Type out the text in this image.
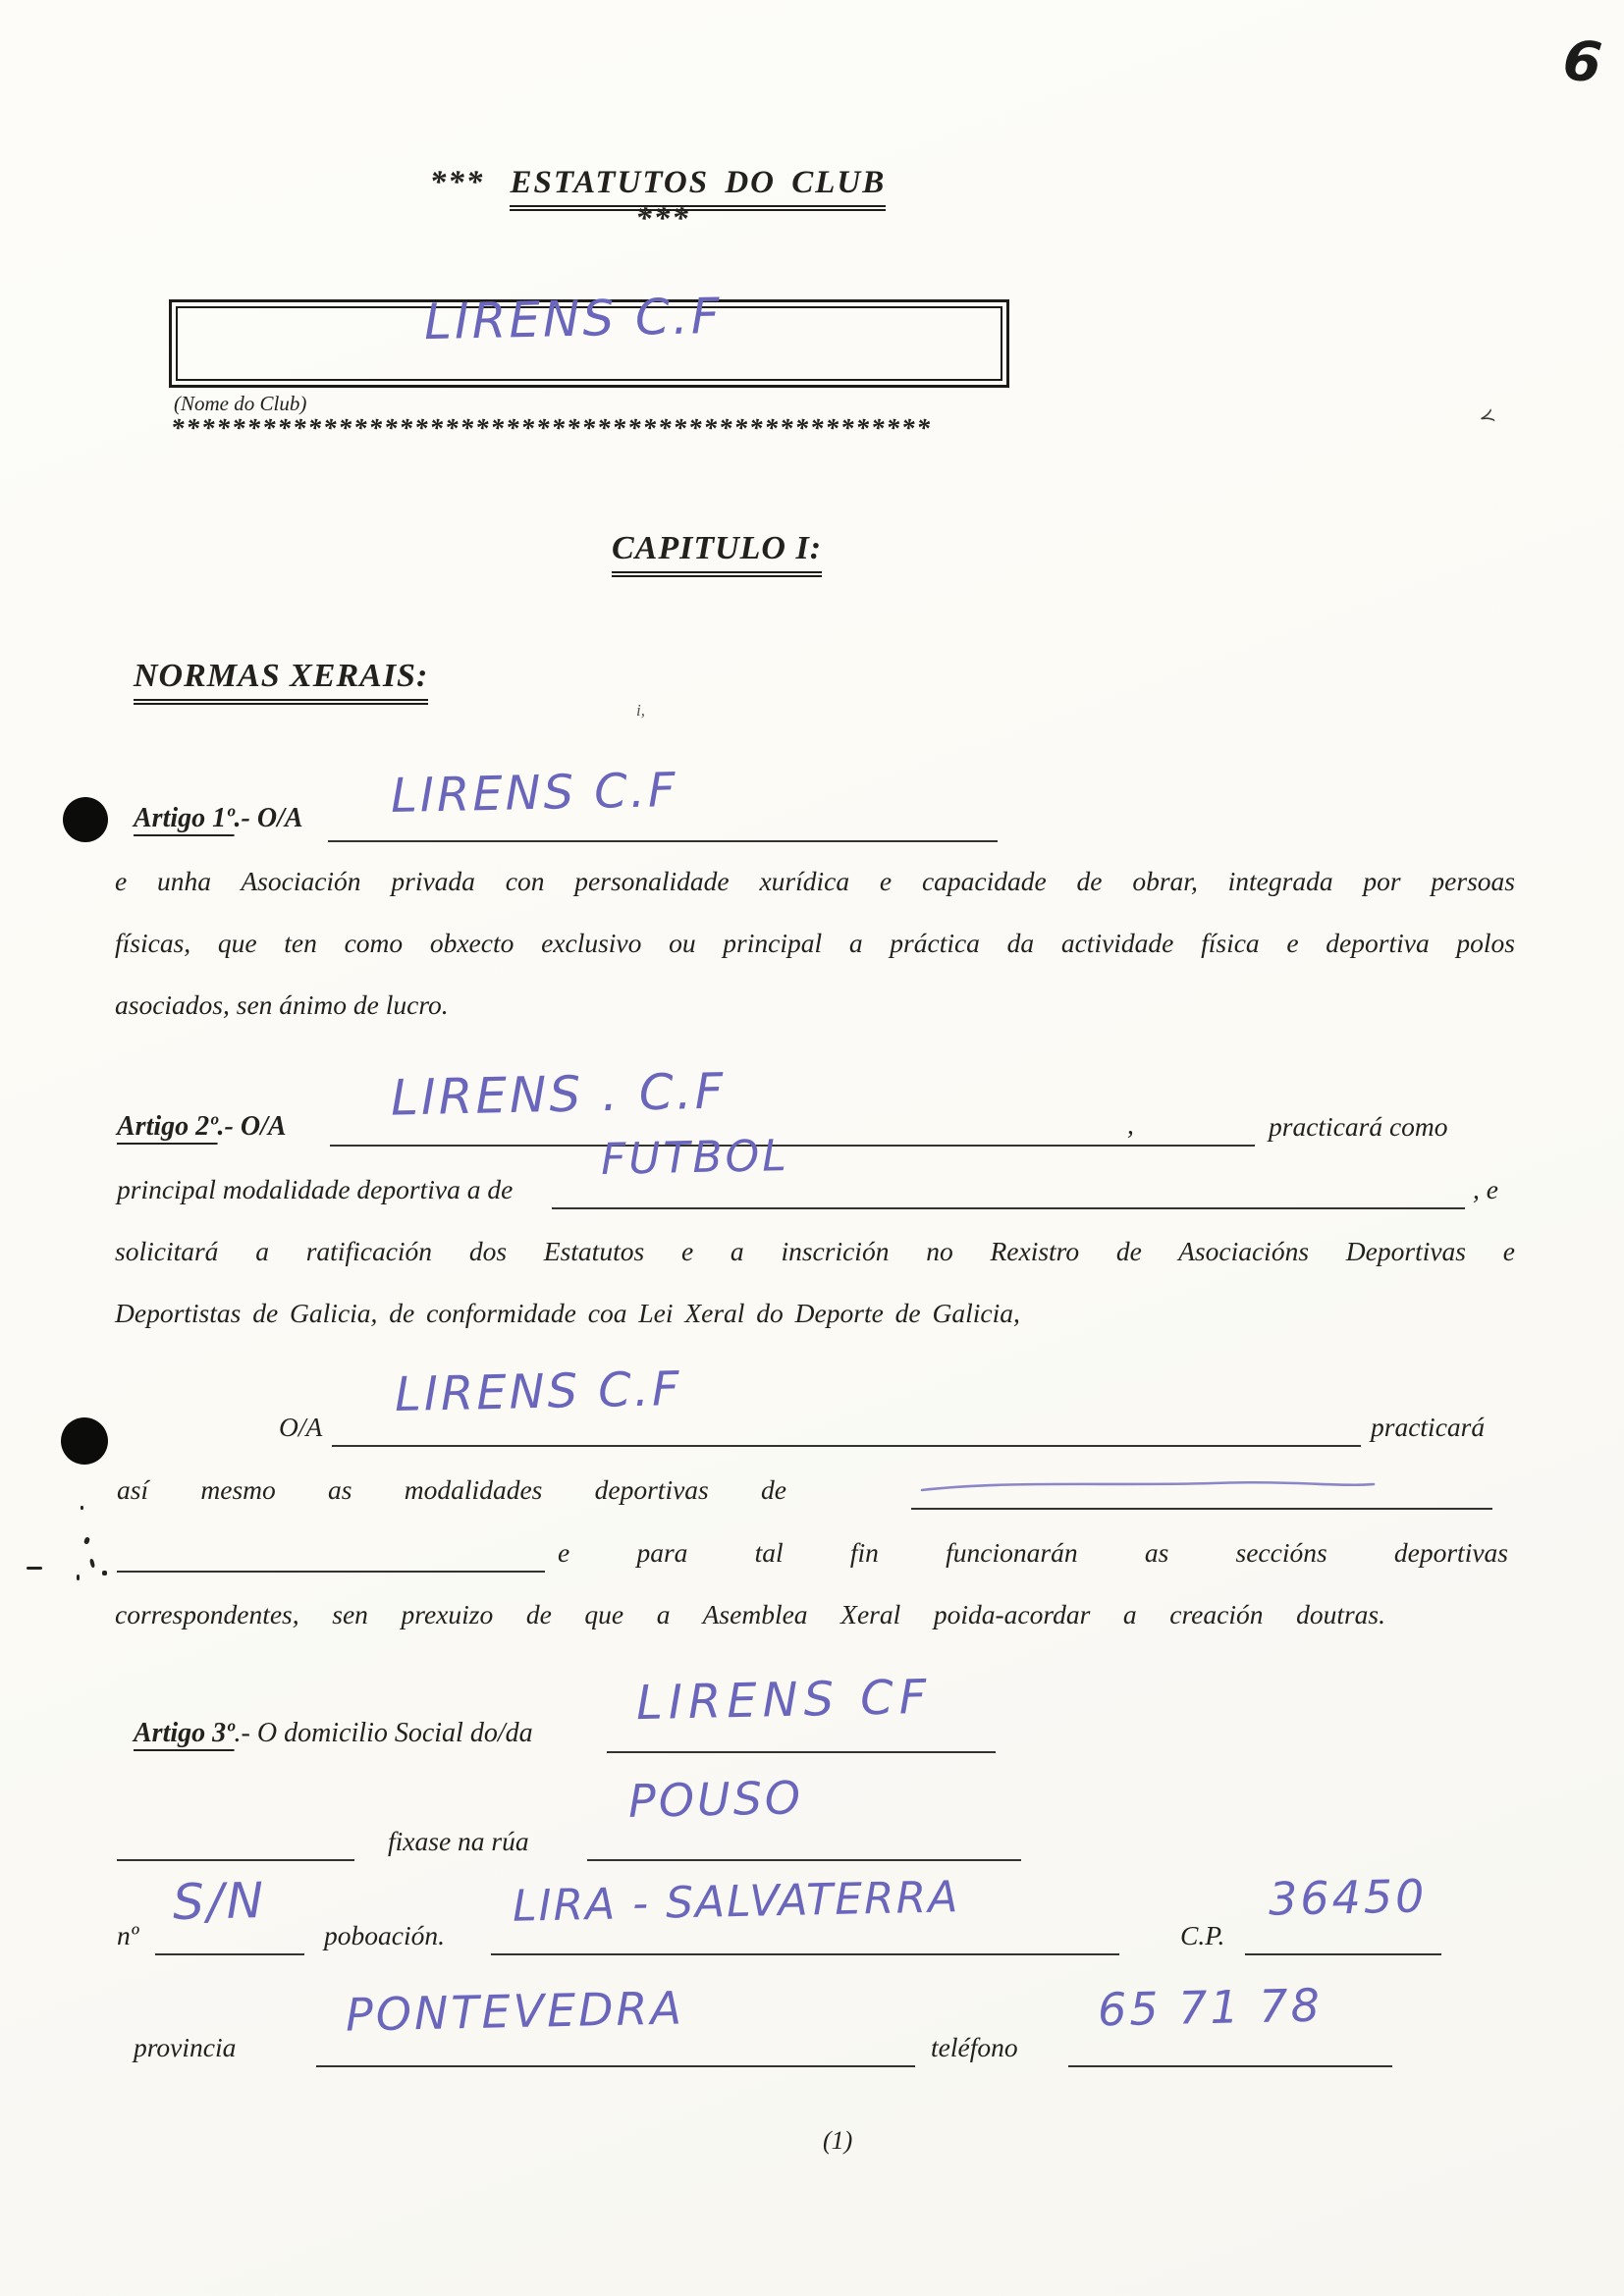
6
*** ESTATUTOS DO CLUB ***
LIRENS C.F
(Nome do Club)
**************************************************	≺
CAPITULO I:
NORMAS XERAIS:
i,
Artigo 1º.- O/A LIRENS C.F
e unha Asociación privada con personalidade xurídica e capacidade de obrar, integrada por persoas
físicas, que ten como obxecto exclusivo ou principal a práctica da actividade física e deportiva polos
asociados, sen ánimo de lucro.
Artigo 2º.- O/A LIRENS . C.F	,	practicará como
principal modalidade deportiva a de
FUTBOL
, e
solicitará a ratificación dos Estatutos e a inscrición no Rexistro de Asociacións Deportivas e
Deportistas de Galicia, de conformidade coa Lei Xeral do Deporte de Galicia,
O/A
LIRENS C.F
practicará
así mesmo as modalidades deportivas de
e para tal fin funcionarán as seccións deportivas
correspondentes, sen prexuizo de que a Asemblea Xeral poida-acordar a creación doutras.
Artigo 3º.- O domicilio Social do/da
LIRENS CF
fixase na rúa
POUSO
nº
S/N
poboación.
LIRA - SALVATERRA
C.P.
36450
provincia
PONTEVEDRA
teléfono
65 71 78
(1)
